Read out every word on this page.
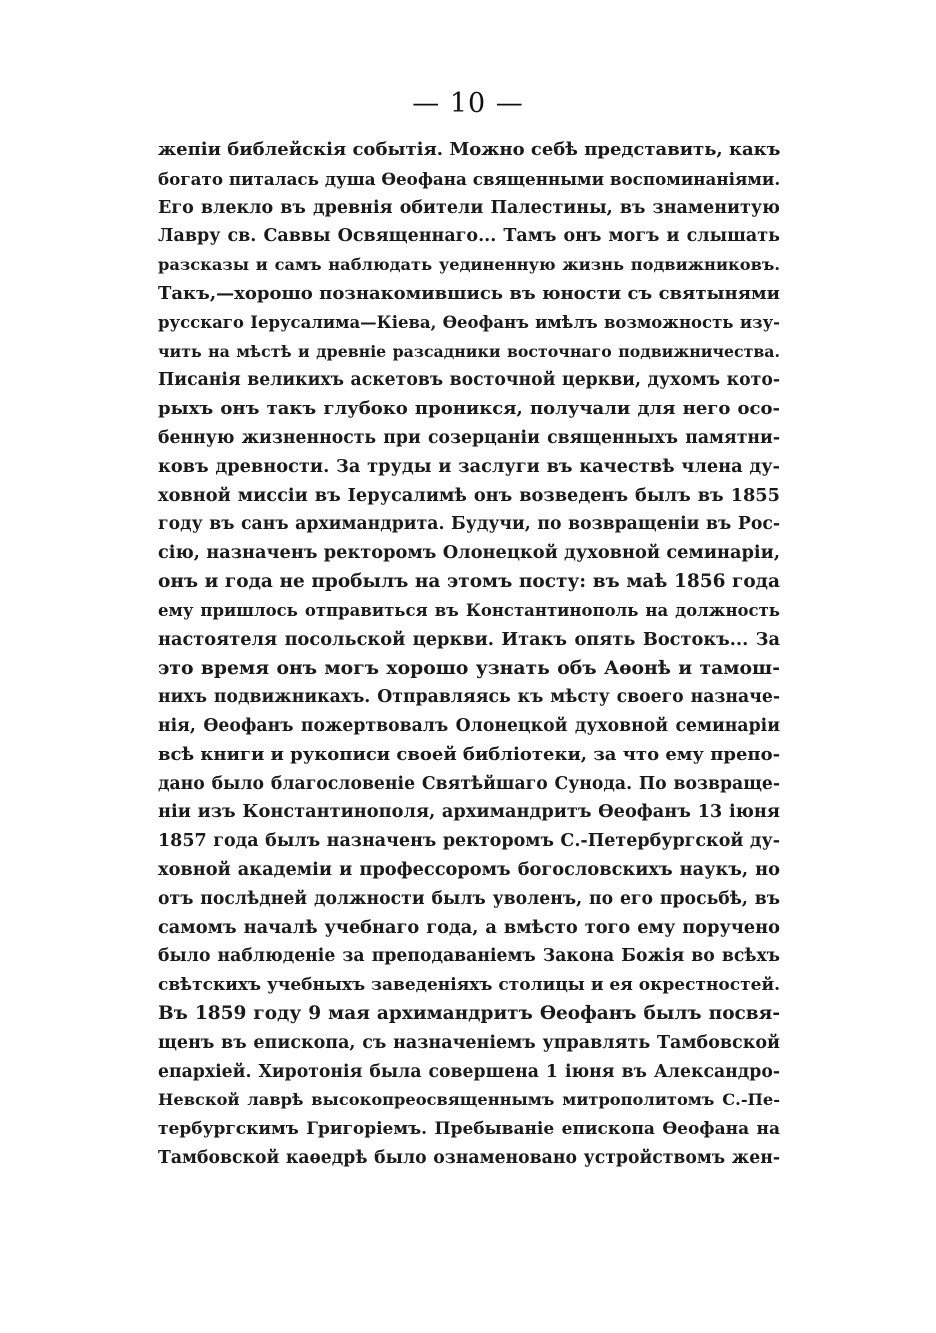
— 10 —
жепіи библейскія событія. Можно себѣ представить, какъ
богато питалась душа Ѳеофана священными воспоминаніями.
Его влекло въ древнія обители Палестины, въ знаменитую
Лавру св. Саввы Освященнаго... Тамъ онъ могъ и слышать
разсказы и самъ наблюдать уединенную жизнь подвижниковъ.
Такъ,—хорошо познакомившись въ юности съ святынями
русскаго Іерусалима—Кіева, Ѳеофанъ имѣлъ возможность изу-
чить на мѣстѣ и древніе разсадники восточнаго подвижничества.
Писанія великихъ аскетовъ восточной церкви, духомъ кото-
рыхъ онъ такъ глубоко проникся, получали для него осо-
бенную жизненность при созерцаніи священныхъ памятни-
ковъ древности. За труды и заслуги въ качествѣ члена ду-
ховной миссіи въ Іерусалимѣ онъ возведенъ былъ въ 1855
году въ санъ архимандрита. Будучи, по возвращеніи въ Рос-
сію, назначенъ ректоромъ Олонецкой духовной семинаріи,
онъ и года не пробылъ на этомъ посту: въ маѣ 1856 года
ему пришлось отправиться въ Константинополь на должность
настоятеля посольской церкви. Итакъ опять Востокъ... За
это время онъ могъ хорошо узнать объ Аѳонѣ и тамош-
нихъ подвижникахъ. Отправляясь къ мѣсту своего назначе-
нія, Ѳеофанъ пожертвовалъ Олонецкой духовной семинаріи
всѣ книги и рукописи своей библіотеки, за что ему препо-
дано было благословеніе Святѣйшаго Сунода. По возвраще-
ніи изъ Константинополя, архимандритъ Ѳеофанъ 13 іюня
1857 года былъ назначенъ ректоромъ С.-Петербургской ду-
ховной академіи и профессоромъ богословскихъ наукъ, но
отъ послѣдней должности былъ уволенъ, по его просьбѣ, въ
самомъ началѣ учебнаго года, а вмѣсто того ему поручено
было наблюденіе за преподаваніемъ Закона Божія во всѣхъ
свѣтскихъ учебныхъ заведеніяхъ столицы и ея окрестностей.
Въ 1859 году 9 мая архимандритъ Ѳеофанъ былъ посвя-
щенъ въ епископа, съ назначеніемъ управлять Тамбовской
епархіей. Хиротонія была совершена 1 іюня въ Александро-
Невской лаврѣ высокопреосвященнымъ митрополитомъ С.-Пе-
тербургскимъ Григоріемъ. Пребываніе епископа Ѳеофана на
Тамбовской каѳедрѣ было ознаменовано устройствомъ жен-
